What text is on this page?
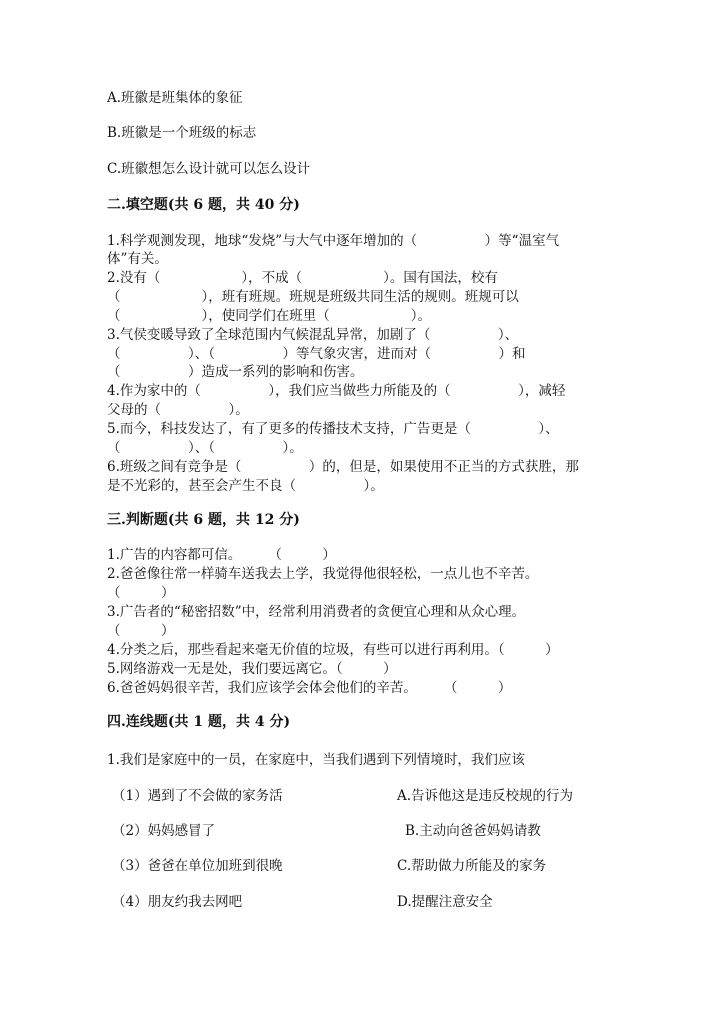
A.班徽是班集体的象征
B.班徽是一个班级的标志
C.班徽想怎么设计就可以怎么设计
二.填空题(共 6 题，共 40 分)
1.科学观测发现，地球“发烧”与大气中逐年增加的（　　　　　）等“温室气
体”有关。
2.没有（　　　　　　），不成（　　　　　　）。国有国法，校有
（　　　　　　），班有班规。班规是班级共同生活的规则。班规可以
（　　　　　　），使同学们在班里（　　　　　　）。
3.气侯变暖导致了全球范围内气候混乱异常，加剧了（　　　　　）、
（　　　　　）、（　　　　　）等气象灾害，进而对（　　　　　）和
（　　　　　）造成一系列的影响和伤害。
4.作为家中的（　　　　　），我们应当做些力所能及的（　　　　　），减轻
父母的（　　　　　）。
5.而今，科技发达了，有了更多的传播技术支持，广告更是（　　　　　）、
（　　　　　）、（　　　　　）。
6.班级之间有竞争是（　　　　　）的，但是，如果使用不正当的方式获胜，那
是不光彩的，甚至会产生不良（　　　　　）。
三.判断题(共 6 题，共 12 分)
1.广告的内容都可信。　　　（　　　）
2.爸爸像往常一样骑车送我去上学，我觉得他很轻松，一点儿也不辛苦。
（　　　）
3.广告者的“秘密招数”中，经常利用消费者的贪便宜心理和从众心理。
（　　　）
4.分类之后，那些看起来毫无价值的垃圾，有些可以进行再利用。（　　　）
5.网络游戏一无是处，我们要远离它。（　　　）
6.爸爸妈妈很辛苦，我们应该学会体会他们的辛苦。　　　（　　　）
四.连线题(共 1 题，共 4 分)
1.我们是家庭中的一员，在家庭中，当我们遇到下列情境时，我们应该
（1）遇到了不会做的家务活	A.告诉他这是违反校规的行为
（2）妈妈感冒了	B.主动向爸爸妈妈请教
（3）爸爸在单位加班到很晚	C.帮助做力所能及的家务
（4）朋友约我去网吧	D.提醒注意安全
